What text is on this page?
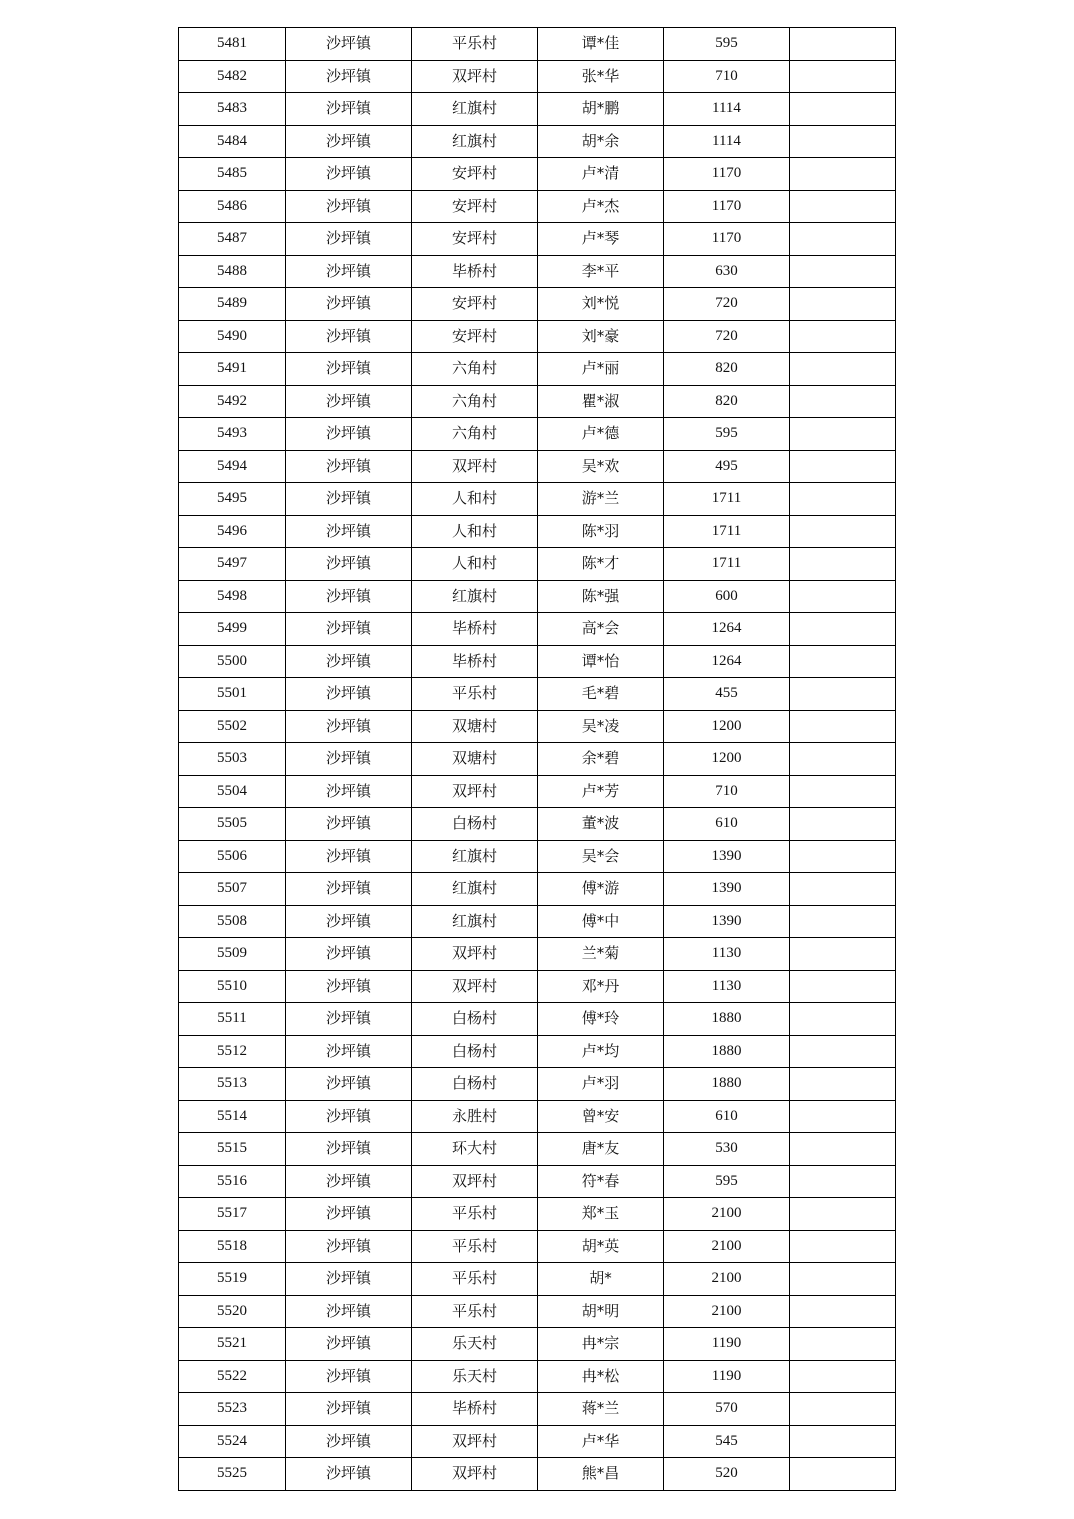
5481	沙坪镇	平乐村	谭*佳	595	
5482	沙坪镇	双坪村	张*华	710	
5483	沙坪镇	红旗村	胡*鹏	1114	
5484	沙坪镇	红旗村	胡*余	1114	
5485	沙坪镇	安坪村	卢*清	1170	
5486	沙坪镇	安坪村	卢*杰	1170	
5487	沙坪镇	安坪村	卢*琴	1170	
5488	沙坪镇	毕桥村	李*平	630	
5489	沙坪镇	安坪村	刘*悦	720	
5490	沙坪镇	安坪村	刘*豪	720	
5491	沙坪镇	六角村	卢*丽	820	
5492	沙坪镇	六角村	瞿*淑	820	
5493	沙坪镇	六角村	卢*德	595	
5494	沙坪镇	双坪村	吴*欢	495	
5495	沙坪镇	人和村	游*兰	1711	
5496	沙坪镇	人和村	陈*羽	1711	
5497	沙坪镇	人和村	陈*才	1711	
5498	沙坪镇	红旗村	陈*强	600	
5499	沙坪镇	毕桥村	高*会	1264	
5500	沙坪镇	毕桥村	谭*怡	1264	
5501	沙坪镇	平乐村	毛*碧	455	
5502	沙坪镇	双塘村	吴*凌	1200	
5503	沙坪镇	双塘村	余*碧	1200	
5504	沙坪镇	双坪村	卢*芳	710	
5505	沙坪镇	白杨村	董*波	610	
5506	沙坪镇	红旗村	吴*会	1390	
5507	沙坪镇	红旗村	傅*游	1390	
5508	沙坪镇	红旗村	傅*中	1390	
5509	沙坪镇	双坪村	兰*菊	1130	
5510	沙坪镇	双坪村	邓*丹	1130	
5511	沙坪镇	白杨村	傅*玲	1880	
5512	沙坪镇	白杨村	卢*均	1880	
5513	沙坪镇	白杨村	卢*羽	1880	
5514	沙坪镇	永胜村	曾*安	610	
5515	沙坪镇	环大村	唐*友	530	
5516	沙坪镇	双坪村	符*春	595	
5517	沙坪镇	平乐村	郑*玉	2100	
5518	沙坪镇	平乐村	胡*英	2100	
5519	沙坪镇	平乐村	胡*	2100	
5520	沙坪镇	平乐村	胡*明	2100	
5521	沙坪镇	乐天村	冉*宗	1190	
5522	沙坪镇	乐天村	冉*松	1190	
5523	沙坪镇	毕桥村	蒋*兰	570	
5524	沙坪镇	双坪村	卢*华	545	
5525	沙坪镇	双坪村	熊*昌	520	
